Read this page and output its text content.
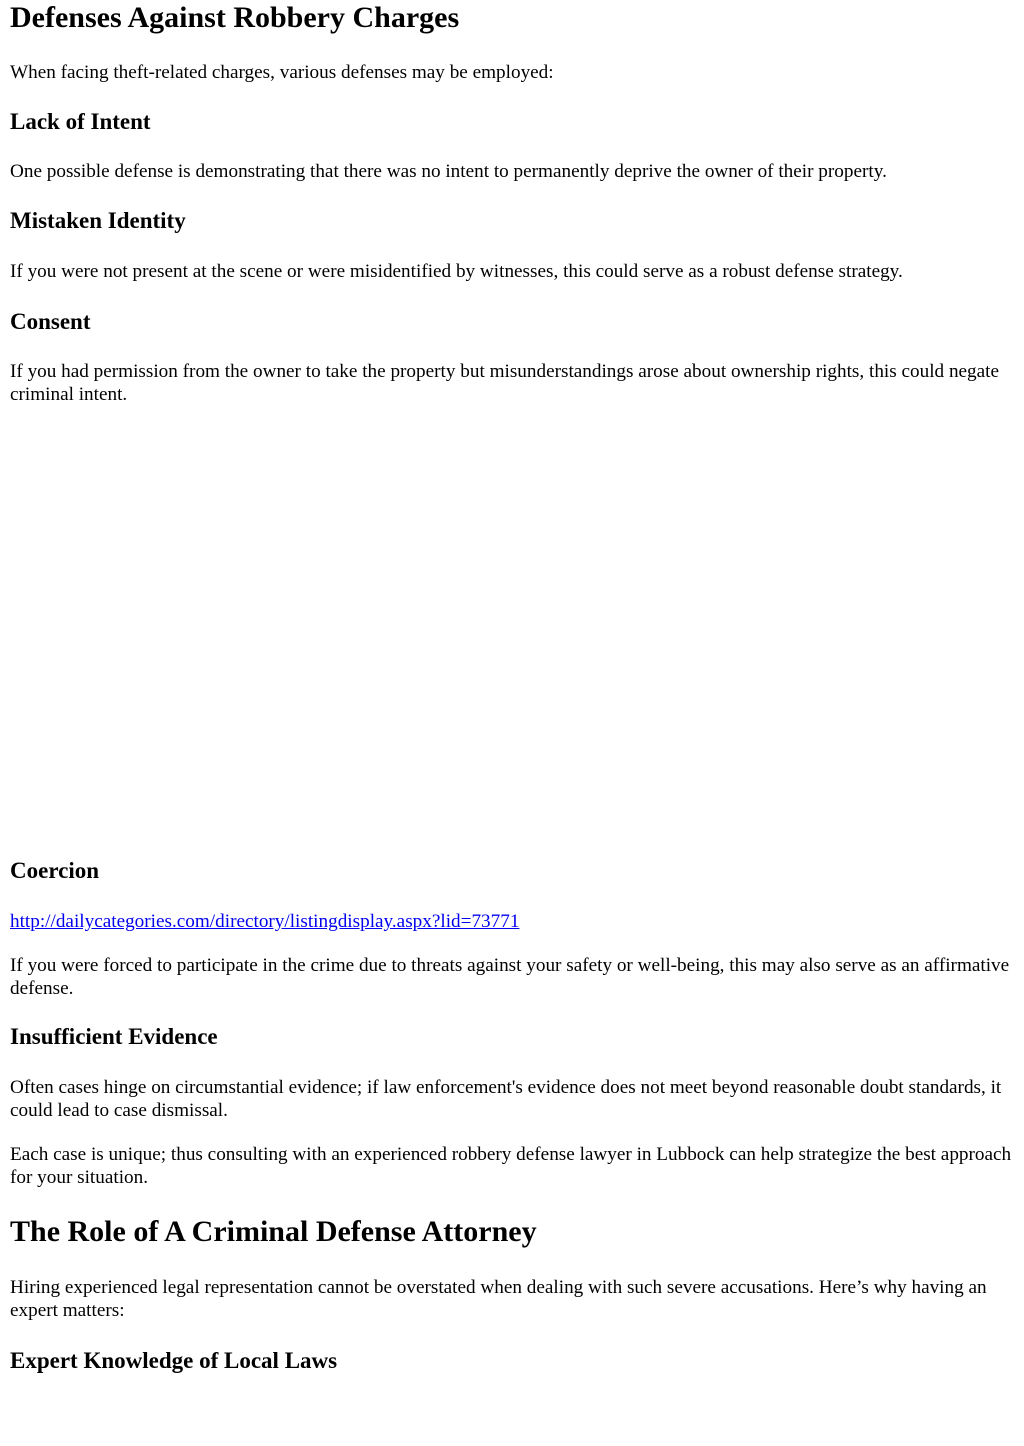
Defenses Against Robbery Charges

When facing theft-related charges, various defenses may be employed:

Lack of Intent

One possible defense is demonstrating that there was no intent to permanently deprive the owner of their property.

Mistaken Identity

If you were not present at the scene or were misidentified by witnesses, this could serve as a robust defense strategy.

Consent

If you had permission from the owner to take the property but misunderstandings arose about ownership rights, this could negate criminal intent.

Coercion

http://dailycategories.com/directory/listingdisplay.aspx?lid=73771

If you were forced to participate in the crime due to threats against your safety or well-being, this may also serve as an affirmative defense.

Insufficient Evidence

Often cases hinge on circumstantial evidence; if law enforcement's evidence does not meet beyond reasonable doubt standards, it could lead to case dismissal.

Each case is unique; thus consulting with an experienced robbery defense lawyer in Lubbock can help strategize the best approach for your situation.

The Role of A Criminal Defense Attorney

Hiring experienced legal representation cannot be overstated when dealing with such severe accusations. Here’s why having an expert matters:

Expert Knowledge of Local Laws
